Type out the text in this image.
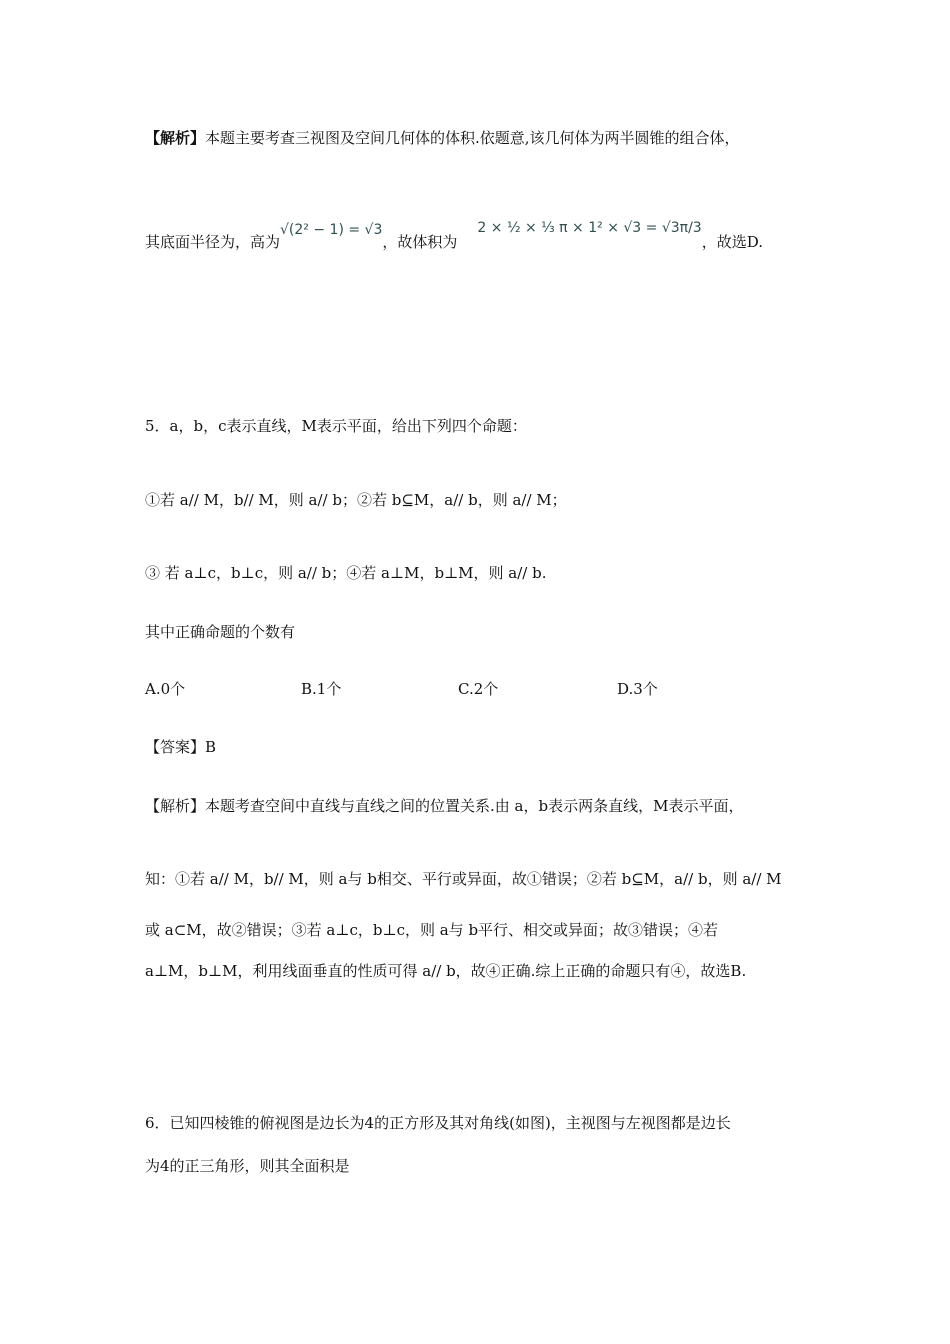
【解析】本题主要考查三视图及空间几何体的体积.依题意,该几何体为两半圆锥的组合体，
其底面半径为，高为√(2² − 1) = √3，故体积为2 × ½ × ⅓ π × 1² × √3 = √3π/3，故选D.
5．a，b，c表示直线，M表示平面，给出下列四个命题：
①若 a// M，b// M，则 a// b；②若 b⊆M，a// b，则 a// M；
③ 若 a⊥c，b⊥c，则 a// b；④若 a⊥M，b⊥M，则 a// b.
其中正确命题的个数有
A.0个	B.1个	C.2个	D.3个
【答案】B
【解析】本题考查空间中直线与直线之间的位置关系.由 a，b表示两条直线，M表示平面，
知：①若 a// M，b// M，则 a与 b相交、平行或异面，故①错误；②若 b⊆M，a// b，则 a// M
或 a⊂M，故②错误；③若 a⊥c，b⊥c，则 a与 b平行、相交或异面；故③错误；④若
a⊥M，b⊥M，利用线面垂直的性质可得 a// b，故④正确.综上正确的命题只有④，故选B.
6．已知四棱锥的俯视图是边长为4的正方形及其对角线(如图)，主视图与左视图都是边长
为4的正三角形，则其全面积是
